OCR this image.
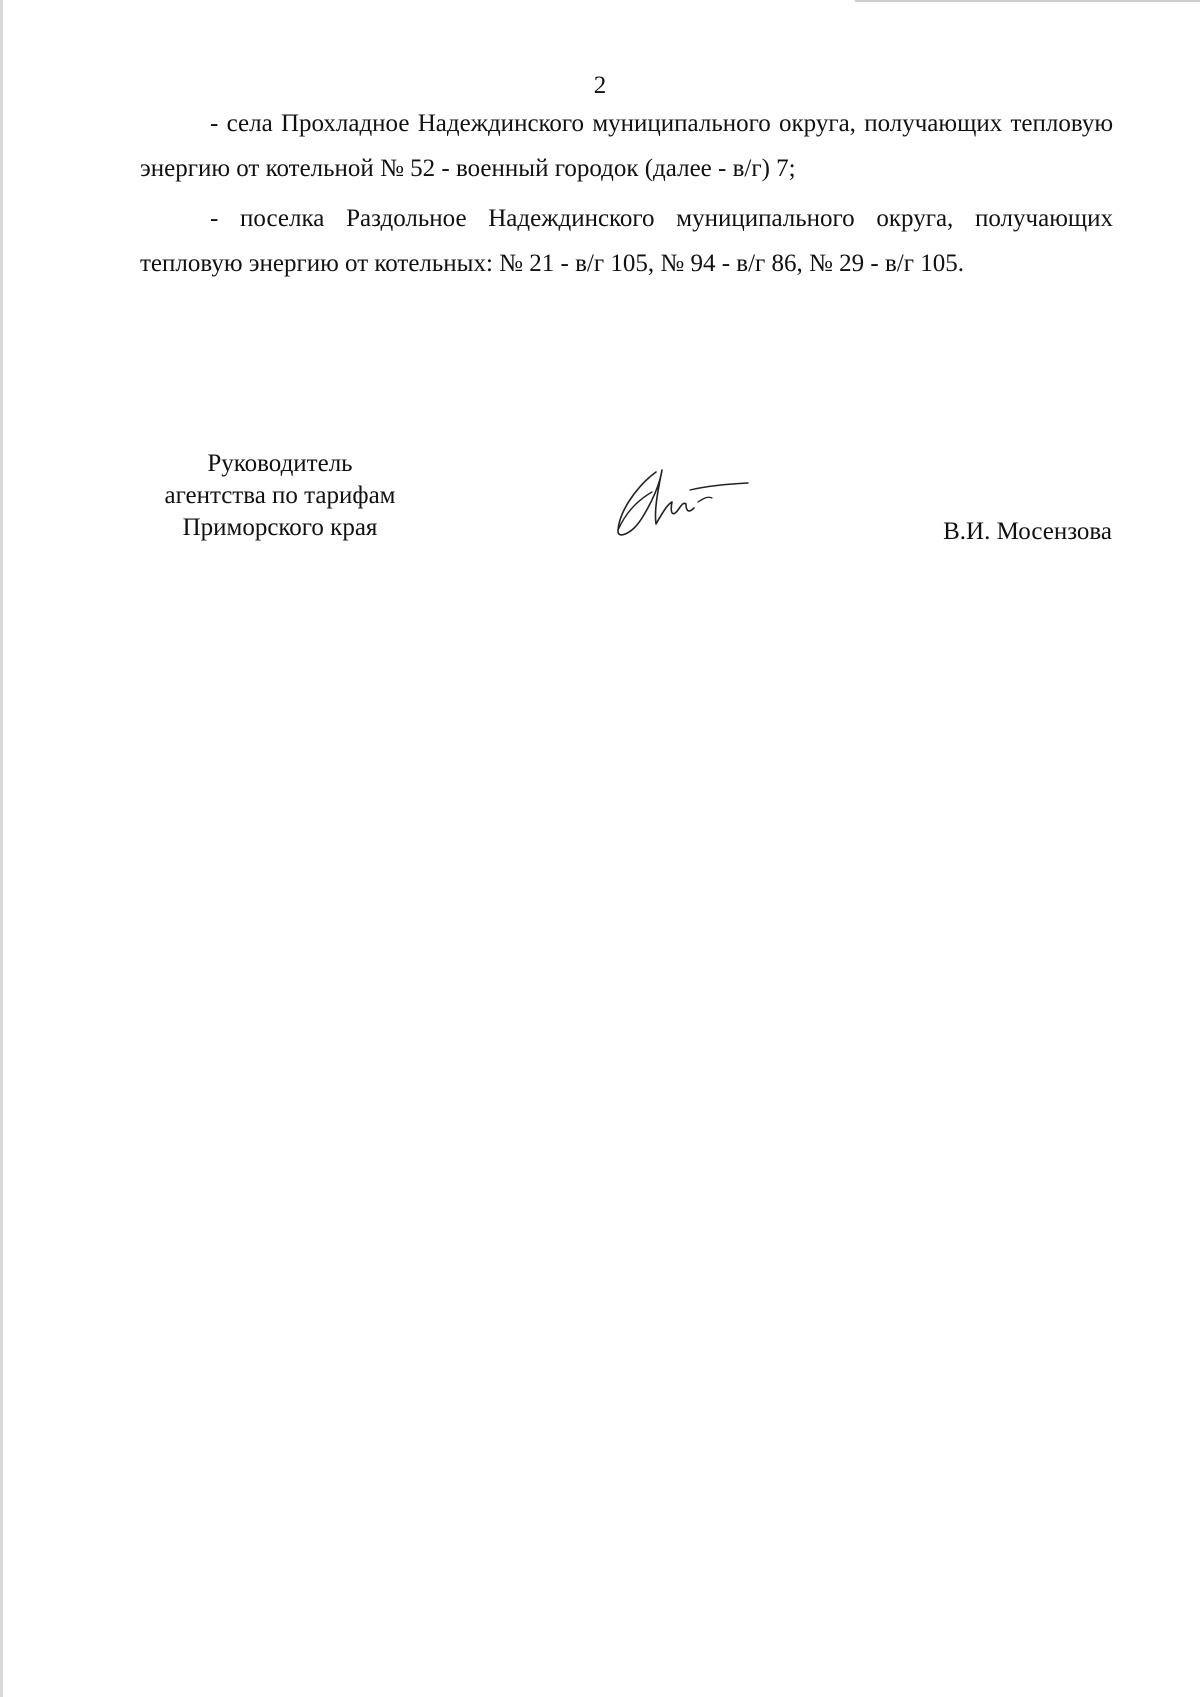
2

- села Прохладное Надеждинского муниципального округа, получающих тепловую энергию от котельной № 52 - военный городок (далее - в/г) 7;

- поселка Раздольное Надеждинского муниципального округа, получающих тепловую энергию от котельных: № 21 - в/г 105, № 94 - в/г 86, № 29 - в/г 105.

Руководитель
агентства по тарифам
Приморского края	В.И. Мосензова
